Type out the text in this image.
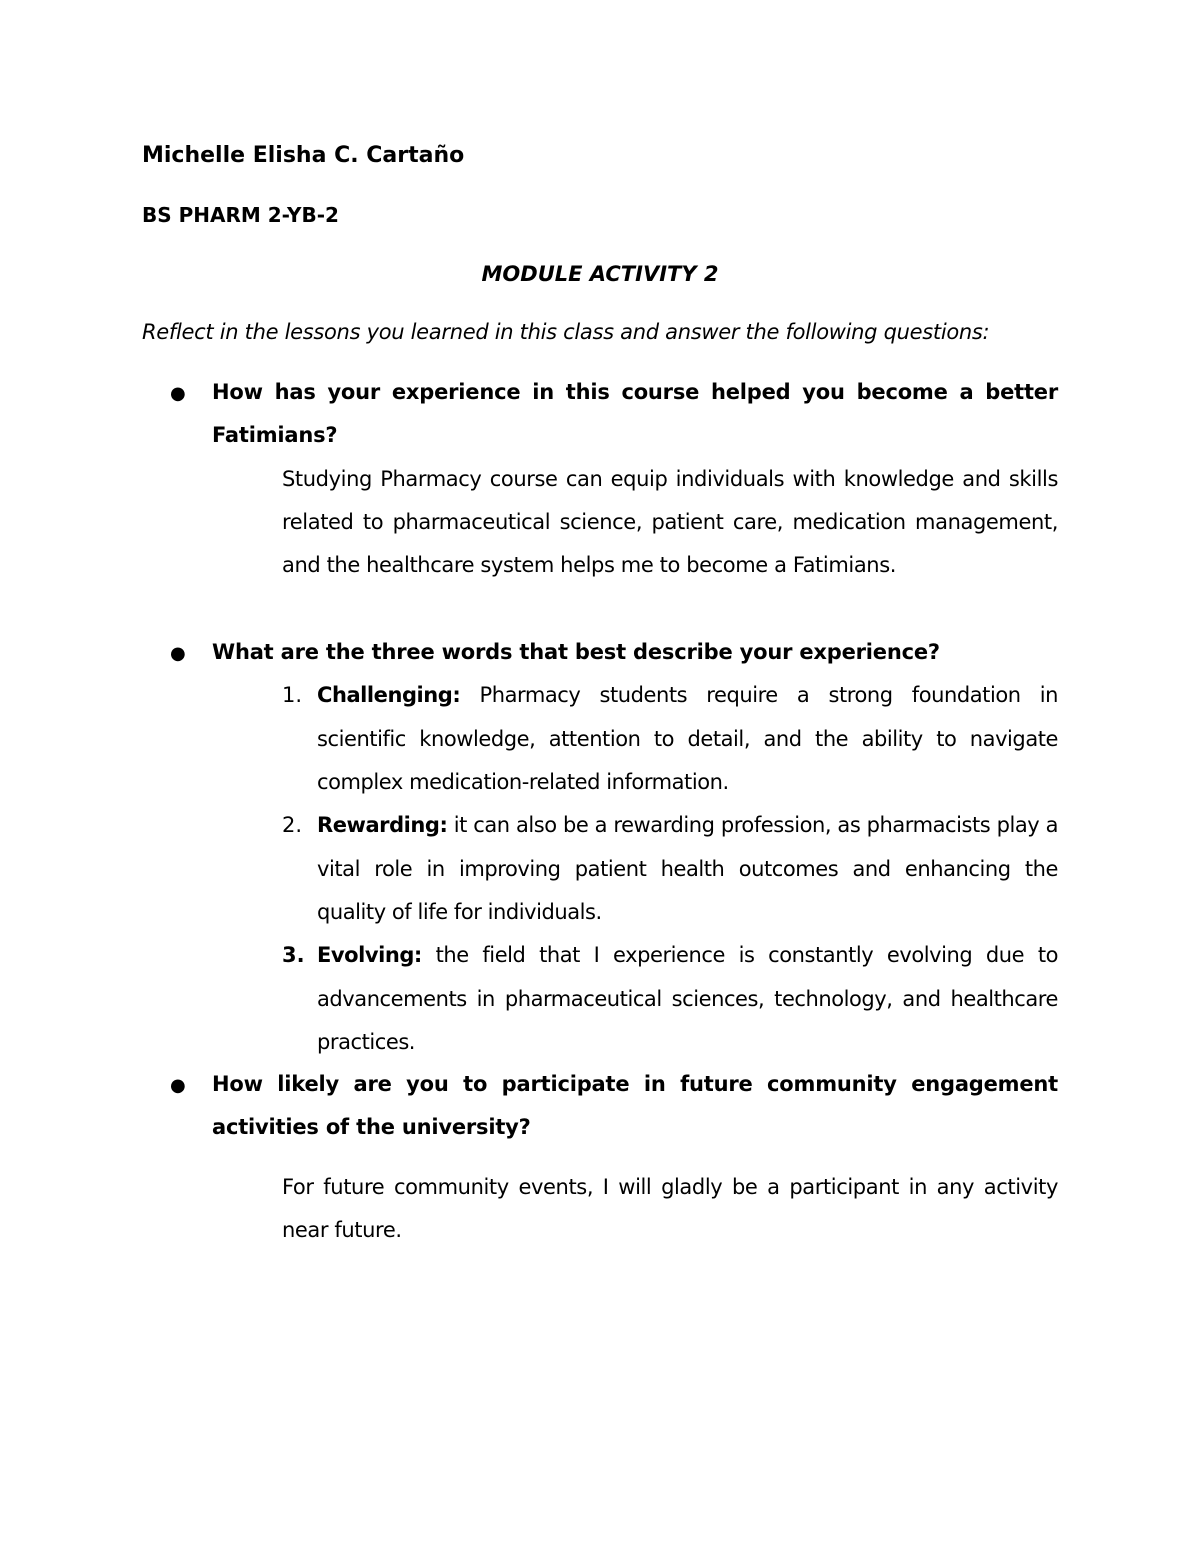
Michelle Elisha C. Cartaño
BS PHARM 2-YB-2
MODULE ACTIVITY 2
Reflect in the lessons you learned in this class and answer the following questions:
● How has your experience in this course helped you become a better Fatimians?
Studying Pharmacy course can equip individuals with knowledge and skills related to pharmaceutical science, patient care, medication management, and the healthcare system helps me to become a Fatimians.
● What are the three words that best describe your experience?
1. Challenging: Pharmacy students require a strong foundation in scientific knowledge, attention to detail, and the ability to navigate complex medication-related information.
2. Rewarding: it can also be a rewarding profession, as pharmacists play a vital role in improving patient health outcomes and enhancing the quality of life for individuals.
3. Evolving: the field that I experience is constantly evolving due to advancements in pharmaceutical sciences, technology, and healthcare practices.
● How likely are you to participate in future community engagement activities of the university?
For future community events, I will gladly be a participant in any activity near future.
